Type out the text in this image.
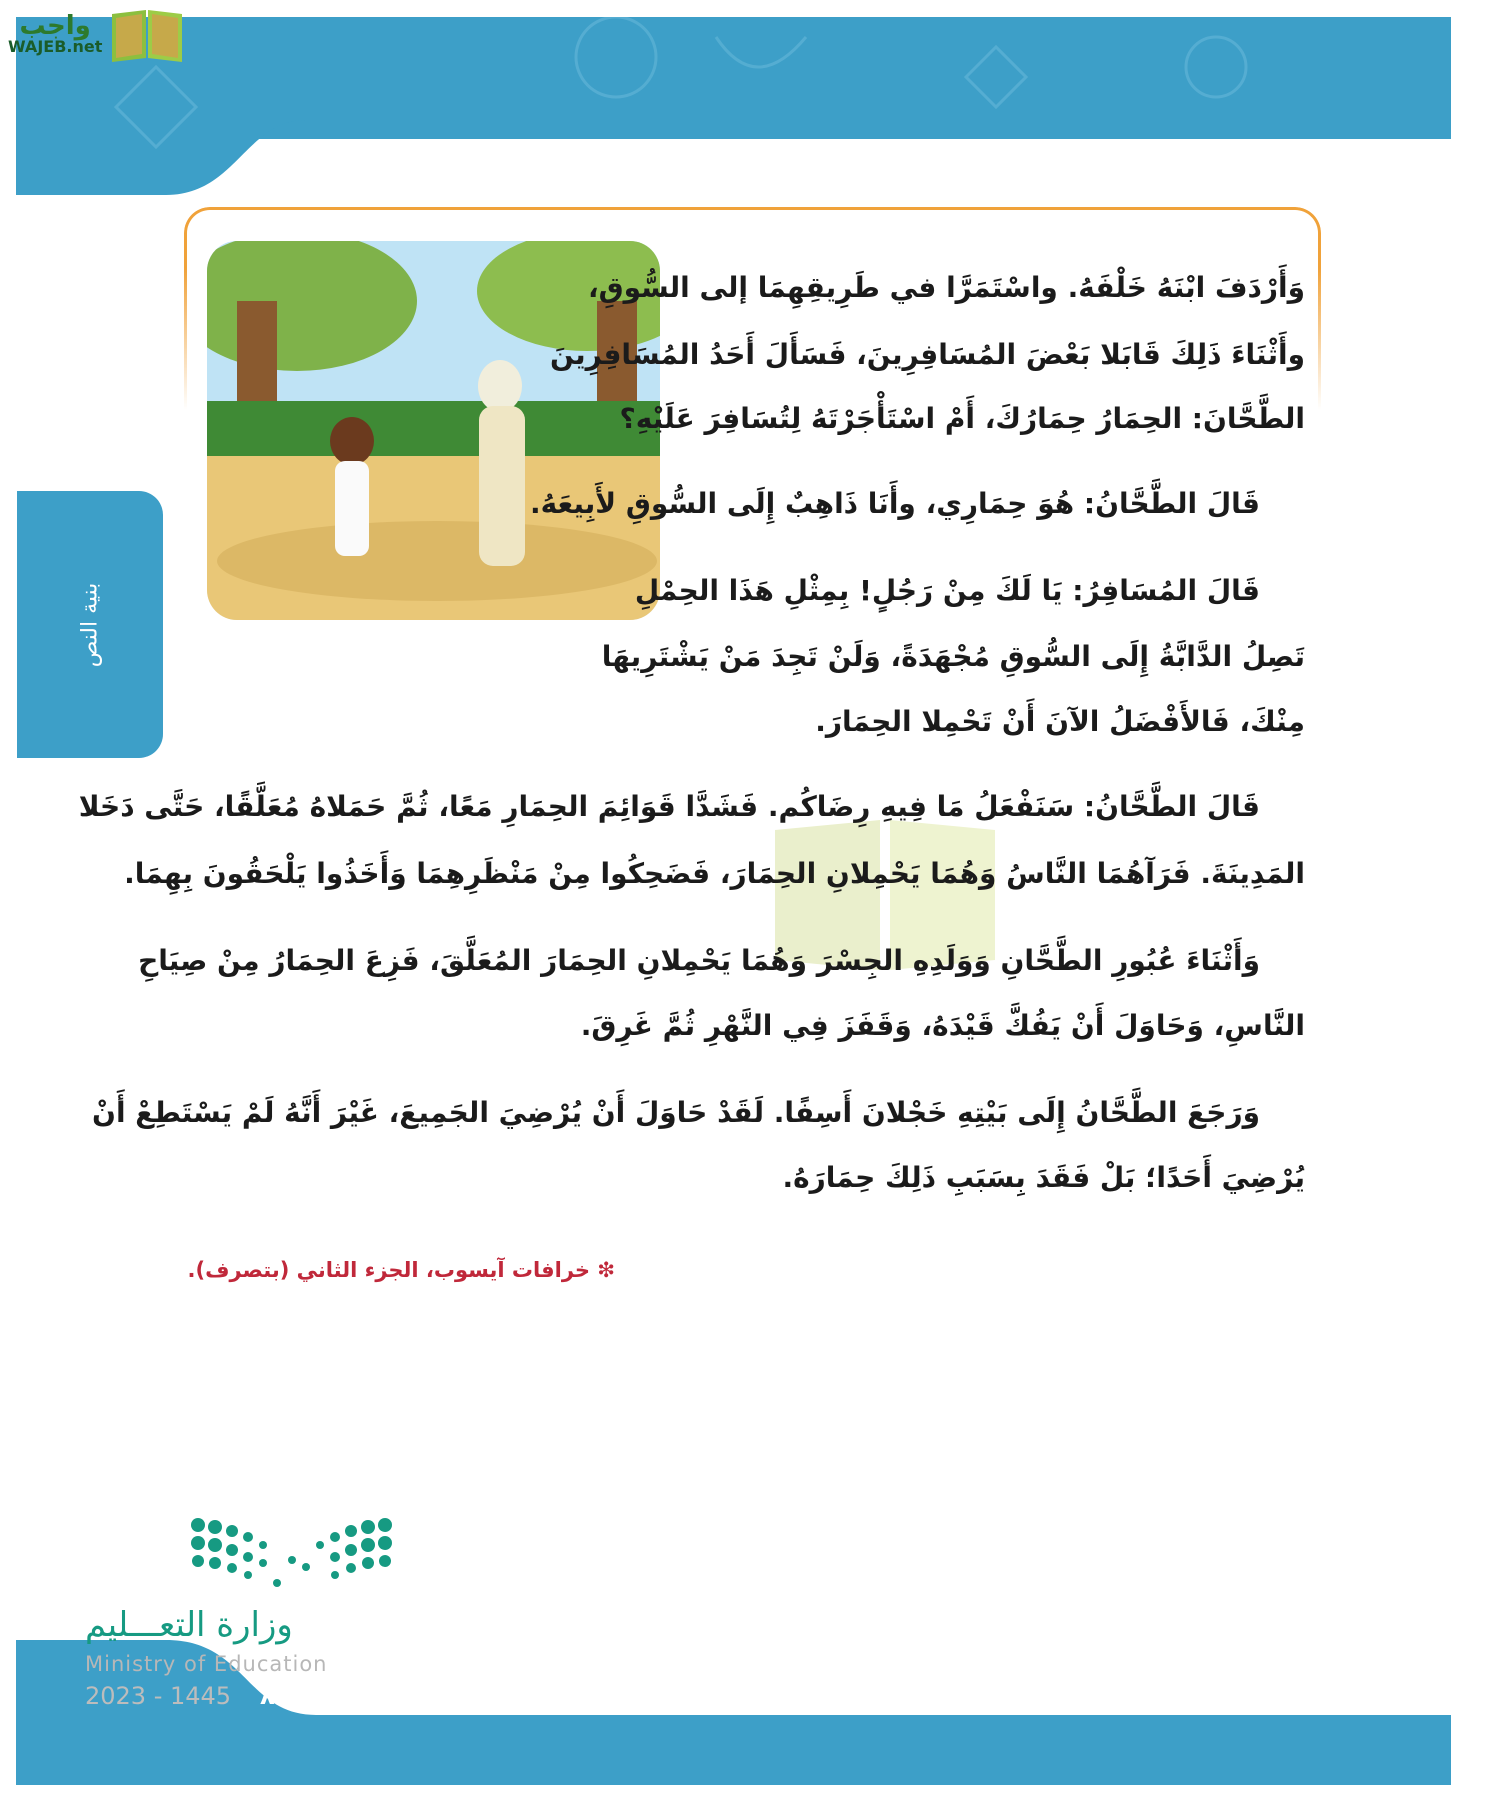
واجب
WAJEB.net
بنية النص
وَأَرْدَفَ ابْنَهُ خَلْفَهُ. واسْتَمَرَّا في طَرِيقِهِمَا إلى السُّوقِ،
وأَثْنَاءَ ذَلِكَ قَابَلا بَعْضَ المُسَافِرِينَ، فَسَأَلَ أَحَدُ المُسَافِرِينَ
الطَّحَّانَ: الحِمَارُ حِمَارُكَ، أَمْ اسْتَأْجَرْتَهُ لِتُسَافِرَ عَلَيْهِ؟
قَالَ الطَّحَّانُ: هُوَ حِمَارِي، وأَنَا ذَاهِبٌ إِلَى السُّوقِ لأَبِيعَهُ.
قَالَ المُسَافِرُ: يَا لَكَ مِنْ رَجُلٍ! بِمِثْلِ هَذَا الحِمْلِ
تَصِلُ الدَّابَّةُ إِلَى السُّوقِ مُجْهَدَةً، وَلَنْ تَجِدَ مَنْ يَشْتَرِيهَا
مِنْكَ، فَالأَفْضَلُ الآنَ أَنْ تَحْمِلا الحِمَارَ.
قَالَ الطَّحَّانُ: سَنَفْعَلُ مَا فِيهِ رِضَاكُم. فَشَدَّا قَوَائِمَ الحِمَارِ مَعًا، ثُمَّ حَمَلاهُ مُعَلَّقًا، حَتَّى دَخَلا
المَدِينَةَ. فَرَآهُمَا النَّاسُ وَهُمَا يَحْمِلانِ الحِمَارَ، فَضَحِكُوا مِنْ مَنْظَرِهِمَا وَأَخَذُوا يَلْحَقُونَ بِهِمَا.
وَأَثْنَاءَ عُبُورِ الطَّحَّانِ وَوَلَدِهِ الجِسْرَ وَهُمَا يَحْمِلانِ الحِمَارَ المُعَلَّقَ، فَزِعَ الحِمَارُ مِنْ صِيَاحِ
النَّاسِ، وَحَاوَلَ أَنْ يَفُكَّ قَيْدَهُ، وَقَفَزَ فِي النَّهْرِ ثُمَّ غَرِقَ.
وَرَجَعَ الطَّحَّانُ إِلَى بَيْتِهِ خَجْلانَ أَسِفًا. لَقَدْ حَاوَلَ أَنْ يُرْضِيَ الجَمِيعَ، غَيْرَ أَنَّهُ لَمْ يَسْتَطِعْ أَنْ
يُرْضِيَ أَحَدًا؛ بَلْ فَقَدَ بِسَبَبِ ذَلِكَ حِمَارَهُ.
❇ خرافات آيسوب، الجزء الثاني (بتصرف).
وزارة التعـــليم
Ministry of Education
2023 - 1445 ٨٥
